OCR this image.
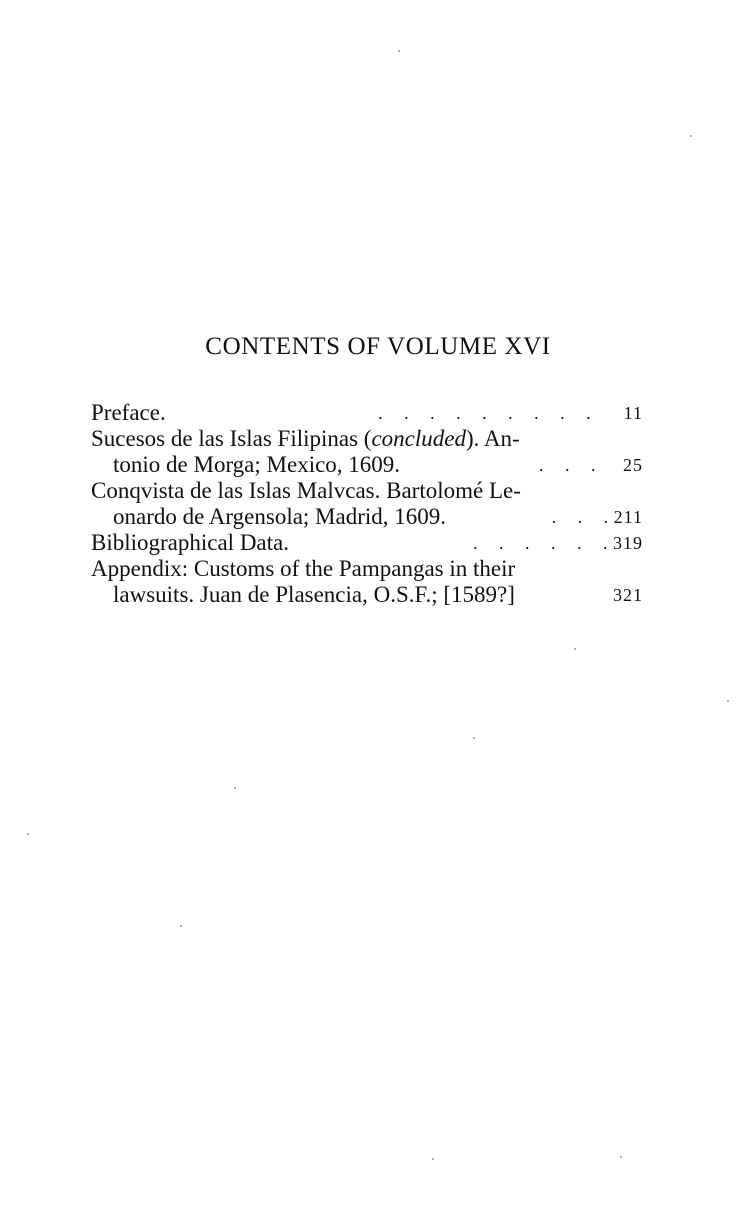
CONTENTS OF VOLUME XVI
Preface.	. . . . . . . . . 11
Sucesos de las Islas Filipinas (concluded). An-
tonio de Morga; Mexico, 1609.	. . . 25
Conqvista de las Islas Malvcas. Bartolomé Le-
onardo de Argensola; Madrid, 1609.	. . . 211
Bibliographical Data.	. . . . . . 319
Appendix: Customs of the Pampangas in their
lawsuits. Juan de Plasencia, O.S.F.; [1589?]	321
